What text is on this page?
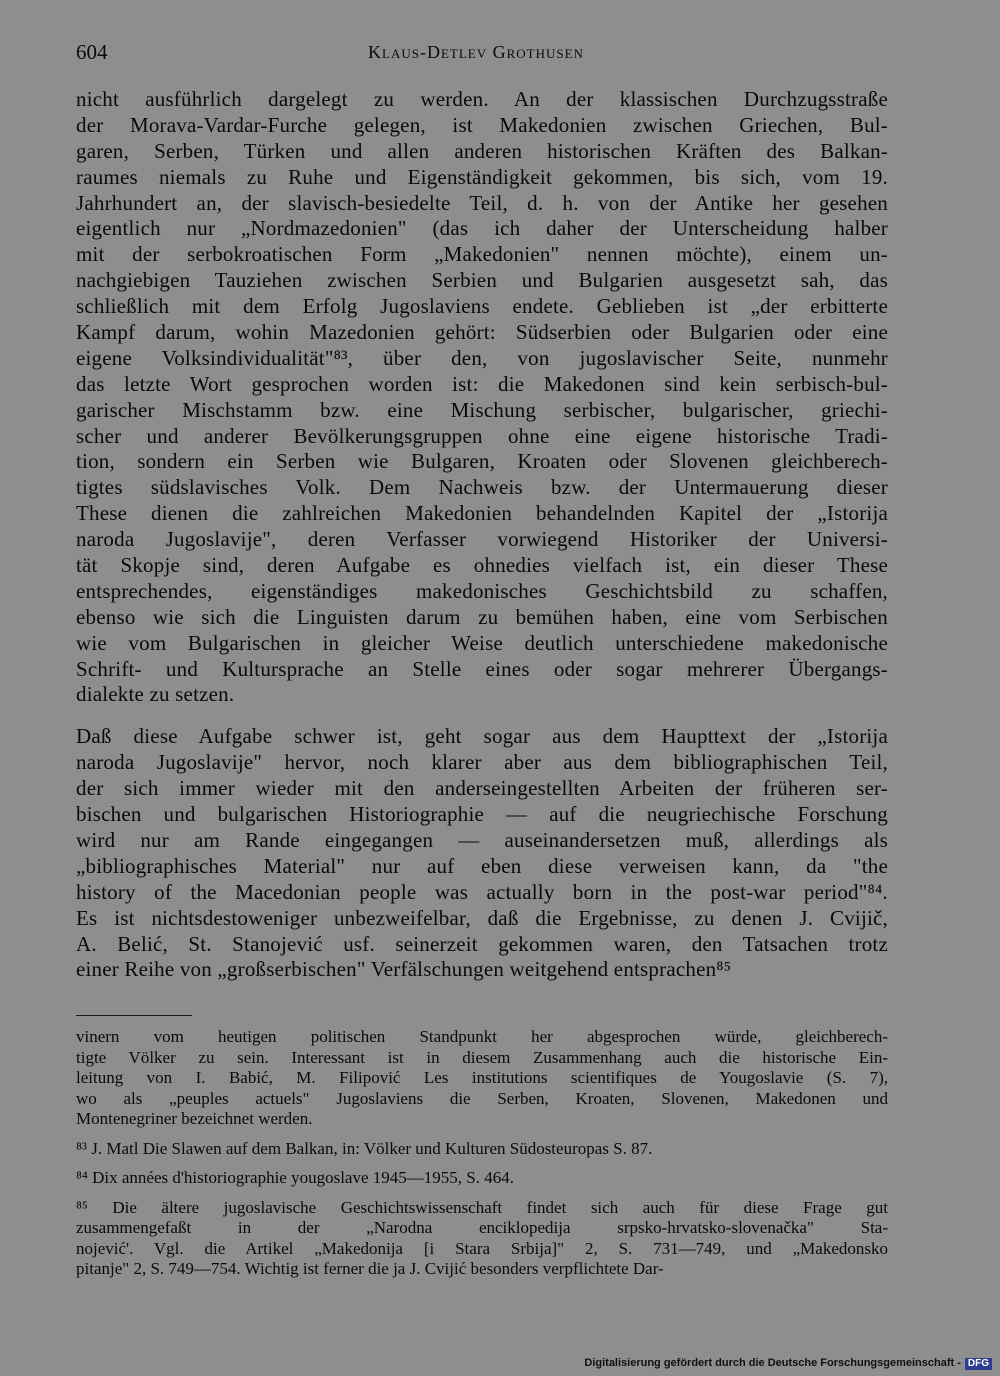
604	Klaus-Detlev Grothusen
nicht ausführlich dargelegt zu werden. An der klassischen Durchzugsstraße
der Morava-Vardar-Furche gelegen, ist Makedonien zwischen Griechen, Bul-
garen, Serben, Türken und allen anderen historischen Kräften des Balkan-
raumes niemals zu Ruhe und Eigenständigkeit gekommen, bis sich, vom 19.
Jahrhundert an, der slavisch-besiedelte Teil, d. h. von der Antike her gesehen
eigentlich nur „Nordmazedonien" (das ich daher der Unterscheidung halber
mit der serbokroatischen Form „Makedonien" nennen möchte), einem un-
nachgiebigen Tauziehen zwischen Serbien und Bulgarien ausgesetzt sah, das
schließlich mit dem Erfolg Jugoslaviens endete. Geblieben ist „der erbitterte
Kampf darum, wohin Mazedonien gehört: Südserbien oder Bulgarien oder eine
eigene Volksindividualität"⁸³, über den, von jugoslavischer Seite, nunmehr
das letzte Wort gesprochen worden ist: die Makedonen sind kein serbisch-bul-
garischer Mischstamm bzw. eine Mischung serbischer, bulgarischer, griechi-
scher und anderer Bevölkerungsgruppen ohne eine eigene historische Tradi-
tion, sondern ein Serben wie Bulgaren, Kroaten oder Slovenen gleichberech-
tigtes südslavisches Volk. Dem Nachweis bzw. der Untermauerung dieser
These dienen die zahlreichen Makedonien behandelnden Kapitel der „Istorija
naroda Jugoslavije", deren Verfasser vorwiegend Historiker der Universi-
tät Skopje sind, deren Aufgabe es ohnedies vielfach ist, ein dieser These
entsprechendes, eigenständiges makedonisches Geschichtsbild zu schaffen,
ebenso wie sich die Linguisten darum zu bemühen haben, eine vom Serbischen
wie vom Bulgarischen in gleicher Weise deutlich unterschiedene makedonische
Schrift- und Kultursprache an Stelle eines oder sogar mehrerer Übergangs-
dialekte zu setzen.
Daß diese Aufgabe schwer ist, geht sogar aus dem Haupttext der „Istorija
naroda Jugoslavije" hervor, noch klarer aber aus dem bibliographischen Teil,
der sich immer wieder mit den anderseingestellten Arbeiten der früheren ser-
bischen und bulgarischen Historiographie — auf die neugriechische Forschung
wird nur am Rande eingegangen — auseinandersetzen muß, allerdings als
„bibliographisches Material" nur auf eben diese verweisen kann, da "the
history of the Macedonian people was actually born in the post-war period"⁸⁴.
Es ist nichtsdestoweniger unbezweifelbar, daß die Ergebnisse, zu denen J. Cvijič,
A. Belić, St. Stanojević usf. seinerzeit gekommen waren, den Tatsachen trotz
einer Reihe von „großserbischen" Verfälschungen weitgehend entsprachen⁸⁵
vinern vom heutigen politischen Standpunkt her abgesprochen würde, gleichberech-
tigte Völker zu sein. Interessant ist in diesem Zusammenhang auch die historische Ein-
leitung von I. Babić, M. Filipović Les institutions scientifiques de Yougoslavie (S. 7),
wo als „peuples actuels" Jugoslaviens die Serben, Kroaten, Slovenen, Makedonen und
Montenegriner bezeichnet werden.
⁸³ J. Matl Die Slawen auf dem Balkan, in: Völker und Kulturen Südosteuropas S. 87.
⁸⁴ Dix années d'historiographie yougoslave 1945—1955, S. 464.
⁸⁵ Die ältere jugoslavische Geschichtswissenschaft findet sich auch für diese Frage gut
zusammengefaßt in der „Narodna enciklopedija srpsko-hrvatsko-slovenačka" Sta-
nojević'. Vgl. die Artikel „Makedonija [i Stara Srbija]" 2, S. 731—749, und „Makedonsko
pitanje" 2, S. 749—754. Wichtig ist ferner die ja J. Cvijić besonders verpflichtete Dar-
Digitalisierung gefördert durch die Deutsche Forschungsgemeinschaft - DFG
